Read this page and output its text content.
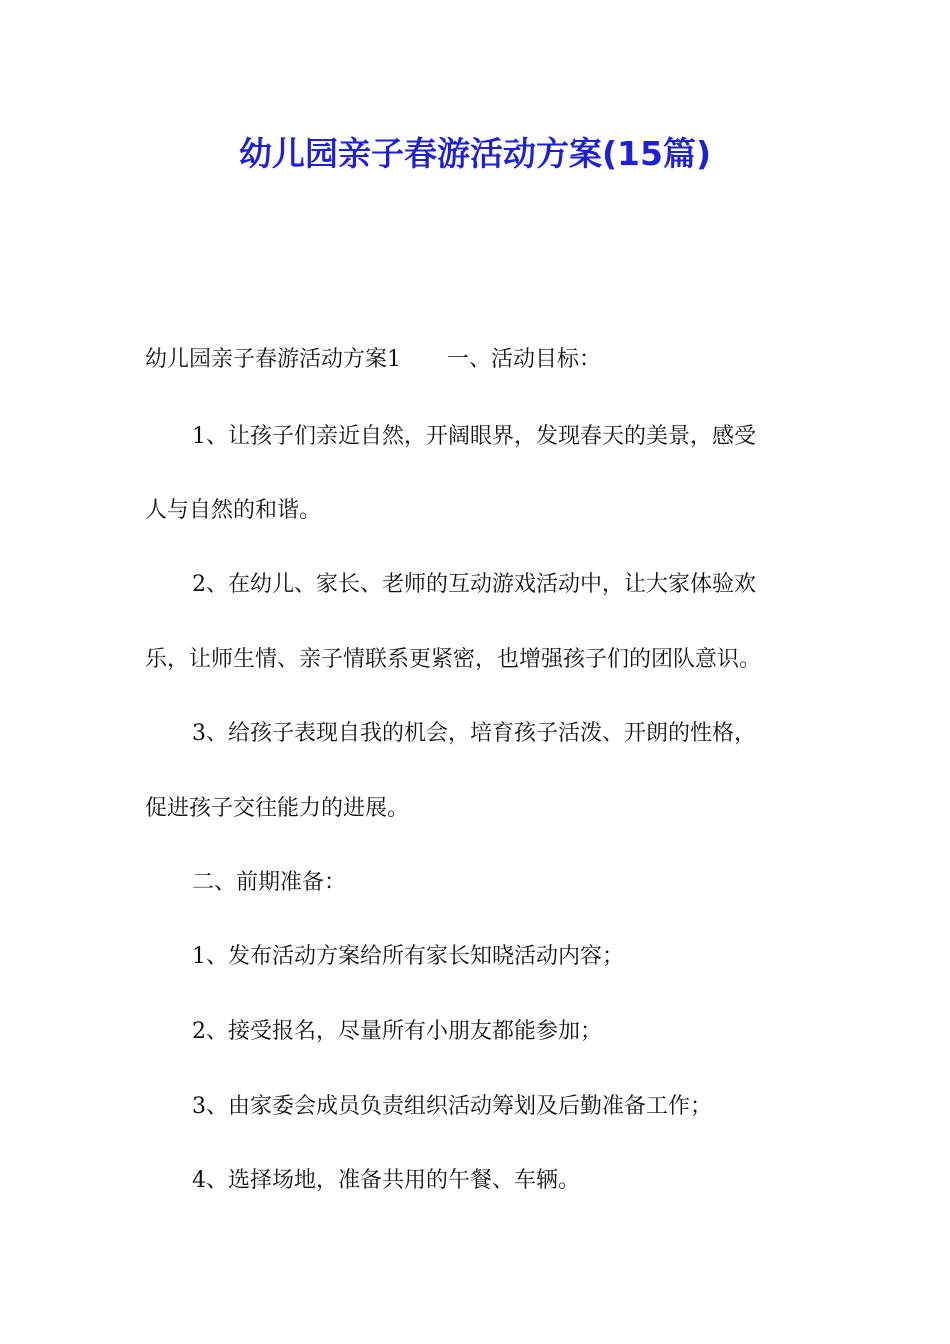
幼儿园亲子春游活动方案(15篇)
幼儿园亲子春游活动方案1 一、活动目标：
1、让孩子们亲近自然，开阔眼界，发现春天的美景，感受
人与自然的和谐。
2、在幼儿、家长、老师的互动游戏活动中，让大家体验欢
乐，让师生情、亲子情联系更紧密，也增强孩子们的团队意识。
3、给孩子表现自我的机会，培育孩子活泼、开朗的性格，
促进孩子交往能力的进展。
二、前期准备：
1、发布活动方案给所有家长知晓活动内容；
2、接受报名，尽量所有小朋友都能参加；
3、由家委会成员负责组织活动筹划及后勤准备工作；
4、选择场地，准备共用的午餐、车辆。
